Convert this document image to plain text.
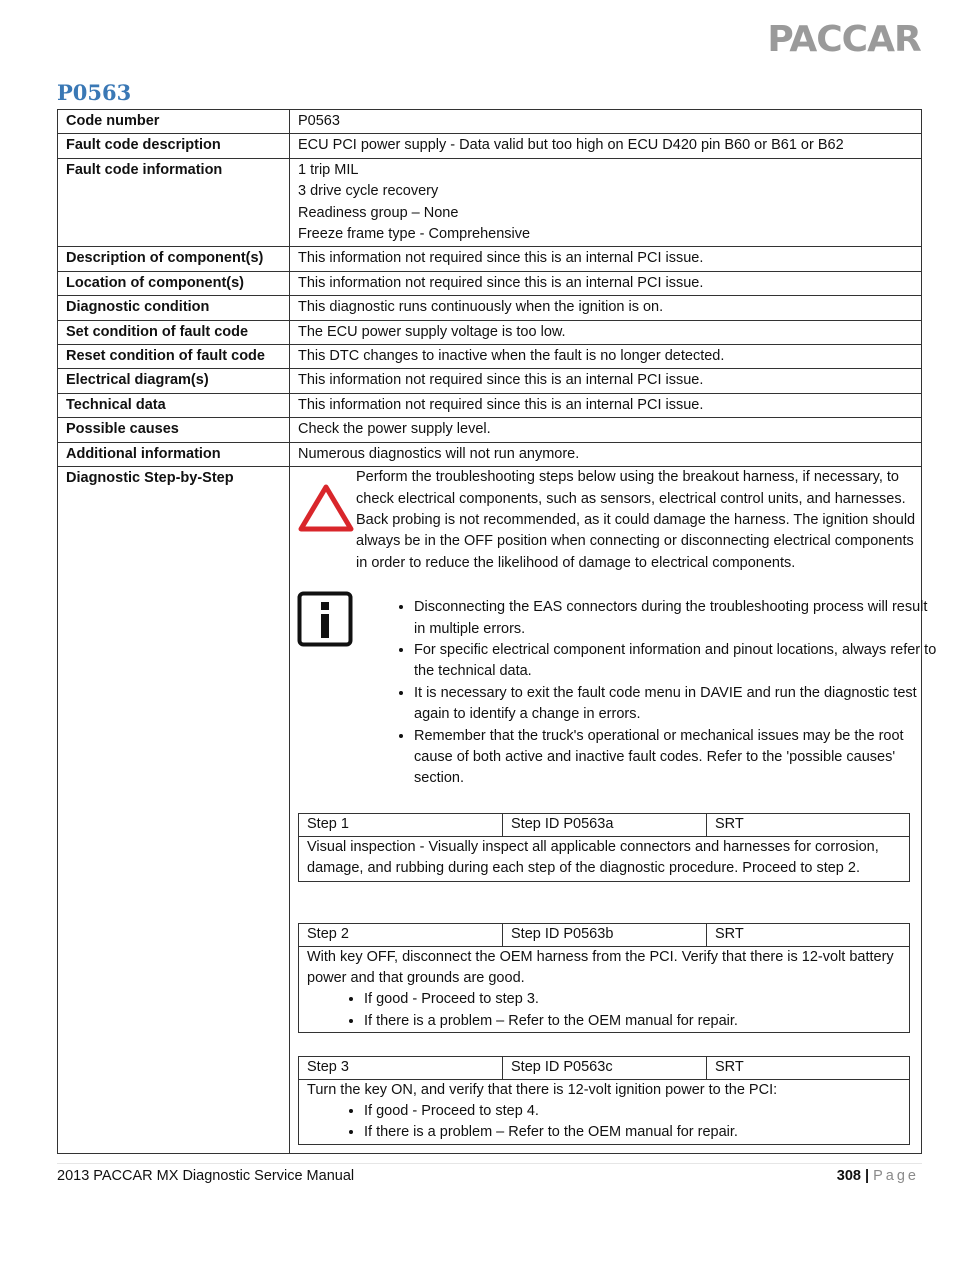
PACCAR
P0563
Code number	P0563
Fault code description	ECU PCI power supply - Data valid but too high on ECU D420 pin B60 or B61 or B62
Fault code information	1 trip MIL
3 drive cycle recovery
Readiness group – None
Freeze frame type - Comprehensive

Description of component(s)	This information not required since this is an internal PCI issue.
Location of component(s)	This information not required since this is an internal PCI issue.
Diagnostic condition	This diagnostic runs continuously when the ignition is on.
Set condition of fault code	The ECU power supply voltage is too low.
Reset condition of fault code	This DTC changes to inactive when the fault is no longer detected.
Electrical diagram(s)	This information not required since this is an internal PCI issue.
Technical data	This information not required since this is an internal PCI issue.
Possible causes	Check the power supply level.
Additional information	Numerous diagnostics will not run anymore.
Diagnostic Step-by-Step	Perform the troubleshooting steps below using the breakout harness, if necessary, to check electrical components, such as sensors, electrical control units, and harnesses. Back probing is not recommended, as it could damage the harness. The ignition should always be in the OFF position when connecting or disconnecting electrical components in order to reduce the likelihood of damage to electrical components.
• Disconnecting the EAS connectors during the troubleshooting process will result in multiple errors.
• For specific electrical component information and pinout locations, always refer to the technical data.
• It is necessary to exit the fault code menu in DAVIE and run the diagnostic test again to identify a change in errors.
• Remember that the truck's operational or mechanical issues may be the root cause of both active and inactive fault codes. Refer to the 'possible causes' section.
Step 1	Step ID P0563a	SRT

Visual inspection - Visually inspect all applicable connectors and harnesses for corrosion, damage, and rubbing during each step of the diagnostic procedure. Proceed to step 2.
Step 2	Step ID P0563b	SRT

With key OFF, disconnect the OEM harness from the PCI. Verify that there is 12-volt battery power and that grounds are good.
• If good - Proceed to step 3.
• If there is a problem – Refer to the OEM manual for repair.
Step 3	Step ID P0563c	SRT

Turn the key ON, and verify that there is 12-volt ignition power to the PCI:
• If good - Proceed to step 4.
• If there is a problem – Refer to the OEM manual for repair.
2013 PACCAR MX Diagnostic Service Manual	308 | Page
